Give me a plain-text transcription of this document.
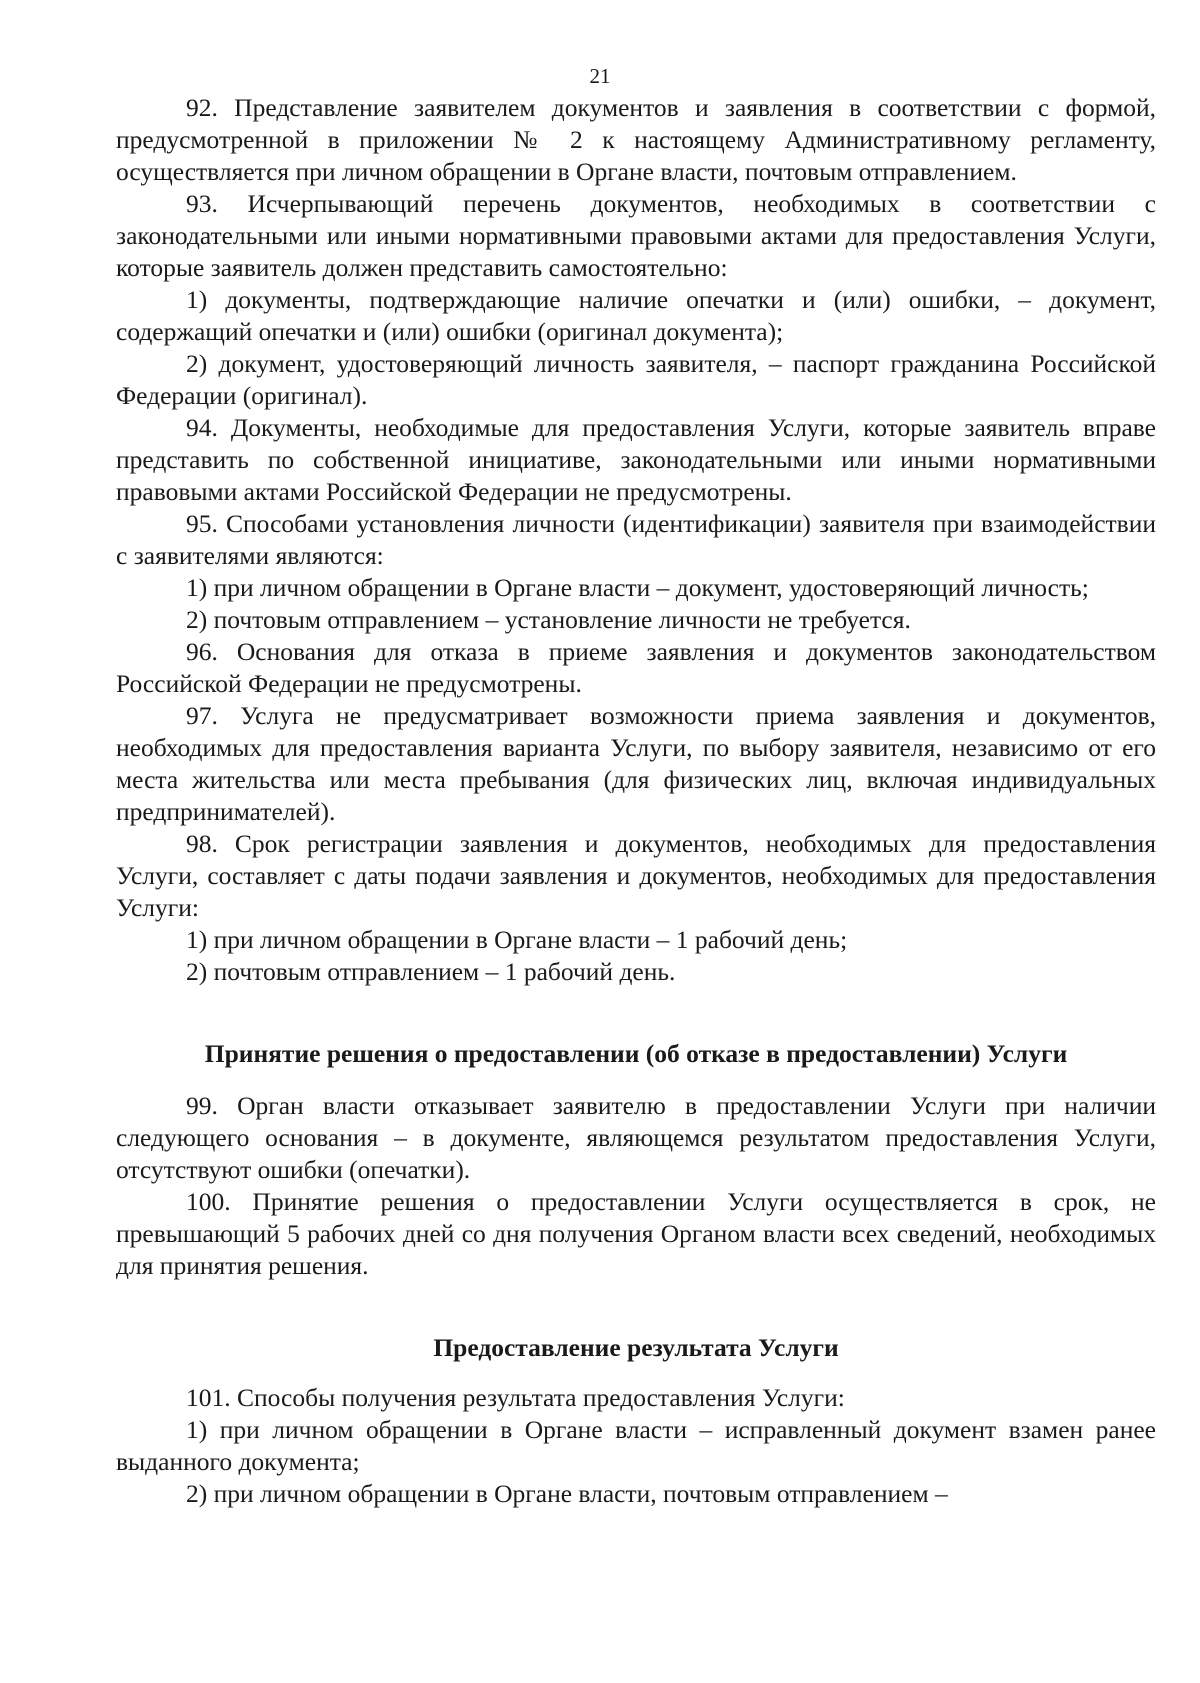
21

92. Представление заявителем документов и заявления в соответствии с формой, предусмотренной в приложении № 2 к настоящему Административному регламенту, осуществляется при личном обращении в Органе власти, почтовым отправлением.

93. Исчерпывающий перечень документов, необходимых в соответствии с законодательными или иными нормативными правовыми актами для предоставления Услуги, которые заявитель должен представить самостоятельно:

1) документы, подтверждающие наличие опечатки и (или) ошибки, – документ, содержащий опечатки и (или) ошибки (оригинал документа);

2) документ, удостоверяющий личность заявителя, – паспорт гражданина Российской Федерации (оригинал).

94. Документы, необходимые для предоставления Услуги, которые заявитель вправе представить по собственной инициативе, законодательными или иными нормативными правовыми актами Российской Федерации не предусмотрены.

95. Способами установления личности (идентификации) заявителя при взаимодействии с заявителями являются:

1) при личном обращении в Органе власти – документ, удостоверяющий личность;

2) почтовым отправлением – установление личности не требуется.

96. Основания для отказа в приеме заявления и документов законодательством Российской Федерации не предусмотрены.

97. Услуга не предусматривает возможности приема заявления и документов, необходимых для предоставления варианта Услуги, по выбору заявителя, независимо от его места жительства или места пребывания (для физических лиц, включая индивидуальных предпринимателей).

98. Срок регистрации заявления и документов, необходимых для предоставления Услуги, составляет с даты подачи заявления и документов, необходимых для предоставления Услуги:

1) при личном обращении в Органе власти – 1 рабочий день;

2) почтовым отправлением – 1 рабочий день.

Принятие решения о предоставлении (об отказе в предоставлении) Услуги

99. Орган власти отказывает заявителю в предоставлении Услуги при наличии следующего основания – в документе, являющемся результатом предоставления Услуги, отсутствуют ошибки (опечатки).

100. Принятие решения о предоставлении Услуги осуществляется в срок, не превышающий 5 рабочих дней со дня получения Органом власти всех сведений, необходимых для принятия решения.

Предоставление результата Услуги

101. Способы получения результата предоставления Услуги:

1) при личном обращении в Органе власти – исправленный документ взамен ранее выданного документа;

2) при личном обращении в Органе власти, почтовым отправлением –
